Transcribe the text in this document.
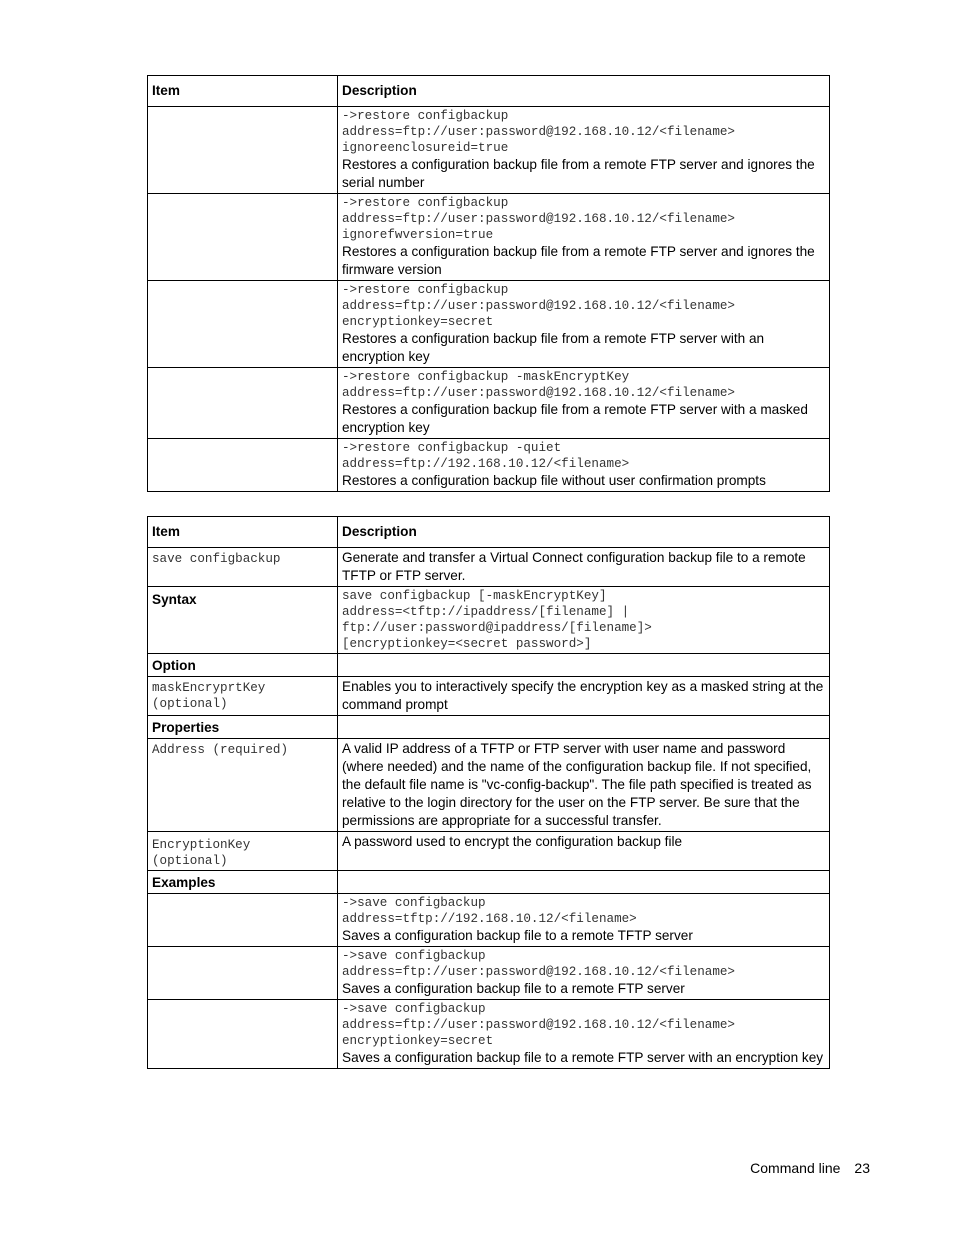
Item	Description

	->restore configbackup
address=ftp://user:password@192.168.10.12/<filename>
ignoreenclosureid=true
Restores a configuration backup file from a remote FTP server and ignores the serial number

	->restore configbackup
address=ftp://user:password@192.168.10.12/<filename>
ignorefwversion=true
Restores a configuration backup file from a remote FTP server and ignores the firmware version

	->restore configbackup
address=ftp://user:password@192.168.10.12/<filename>
encryptionkey=secret
Restores a configuration backup file from a remote FTP server with an encryption key

	->restore configbackup -maskEncryptKey
address=ftp://user:password@192.168.10.12/<filename>
Restores a configuration backup file from a remote FTP server with a masked encryption key

	->restore configbackup -quiet
address=ftp://192.168.10.12/<filename>
Restores a configuration backup file without user confirmation prompts
Item	Description

save configbackup	Generate and transfer a Virtual Connect configuration backup file to a remote TFTP or FTP server.

Syntax	save configbackup [-maskEncryptKey]
address=<tftp://ipaddress/[filename] |
ftp://user:password@ipaddress/[filename]>
[encryptionkey=<secret password>]

Option	

maskEncryprtKey
(optional)	Enables you to interactively specify the encryption key as a masked string at the command prompt

Properties	

Address (required)	A valid IP address of a TFTP or FTP server with user name and password (where needed) and the name of the configuration backup file. If not specified, the default file name is "vc-config-backup". The file path specified is treated as relative to the login directory for the user on the FTP server. Be sure that the permissions are appropriate for a successful transfer.

EncryptionKey
(optional)	A password used to encrypt the configuration backup file

Examples	

	->save configbackup
address=tftp://192.168.10.12/<filename>
Saves a configuration backup file to a remote TFTP server

	->save configbackup
address=ftp://user:password@192.168.10.12/<filename>
Saves a configuration backup file to a remote FTP server

	->save configbackup
address=ftp://user:password@192.168.10.12/<filename>
encryptionkey=secret
Saves a configuration backup file to a remote FTP server with an encryption key
Command line 23
